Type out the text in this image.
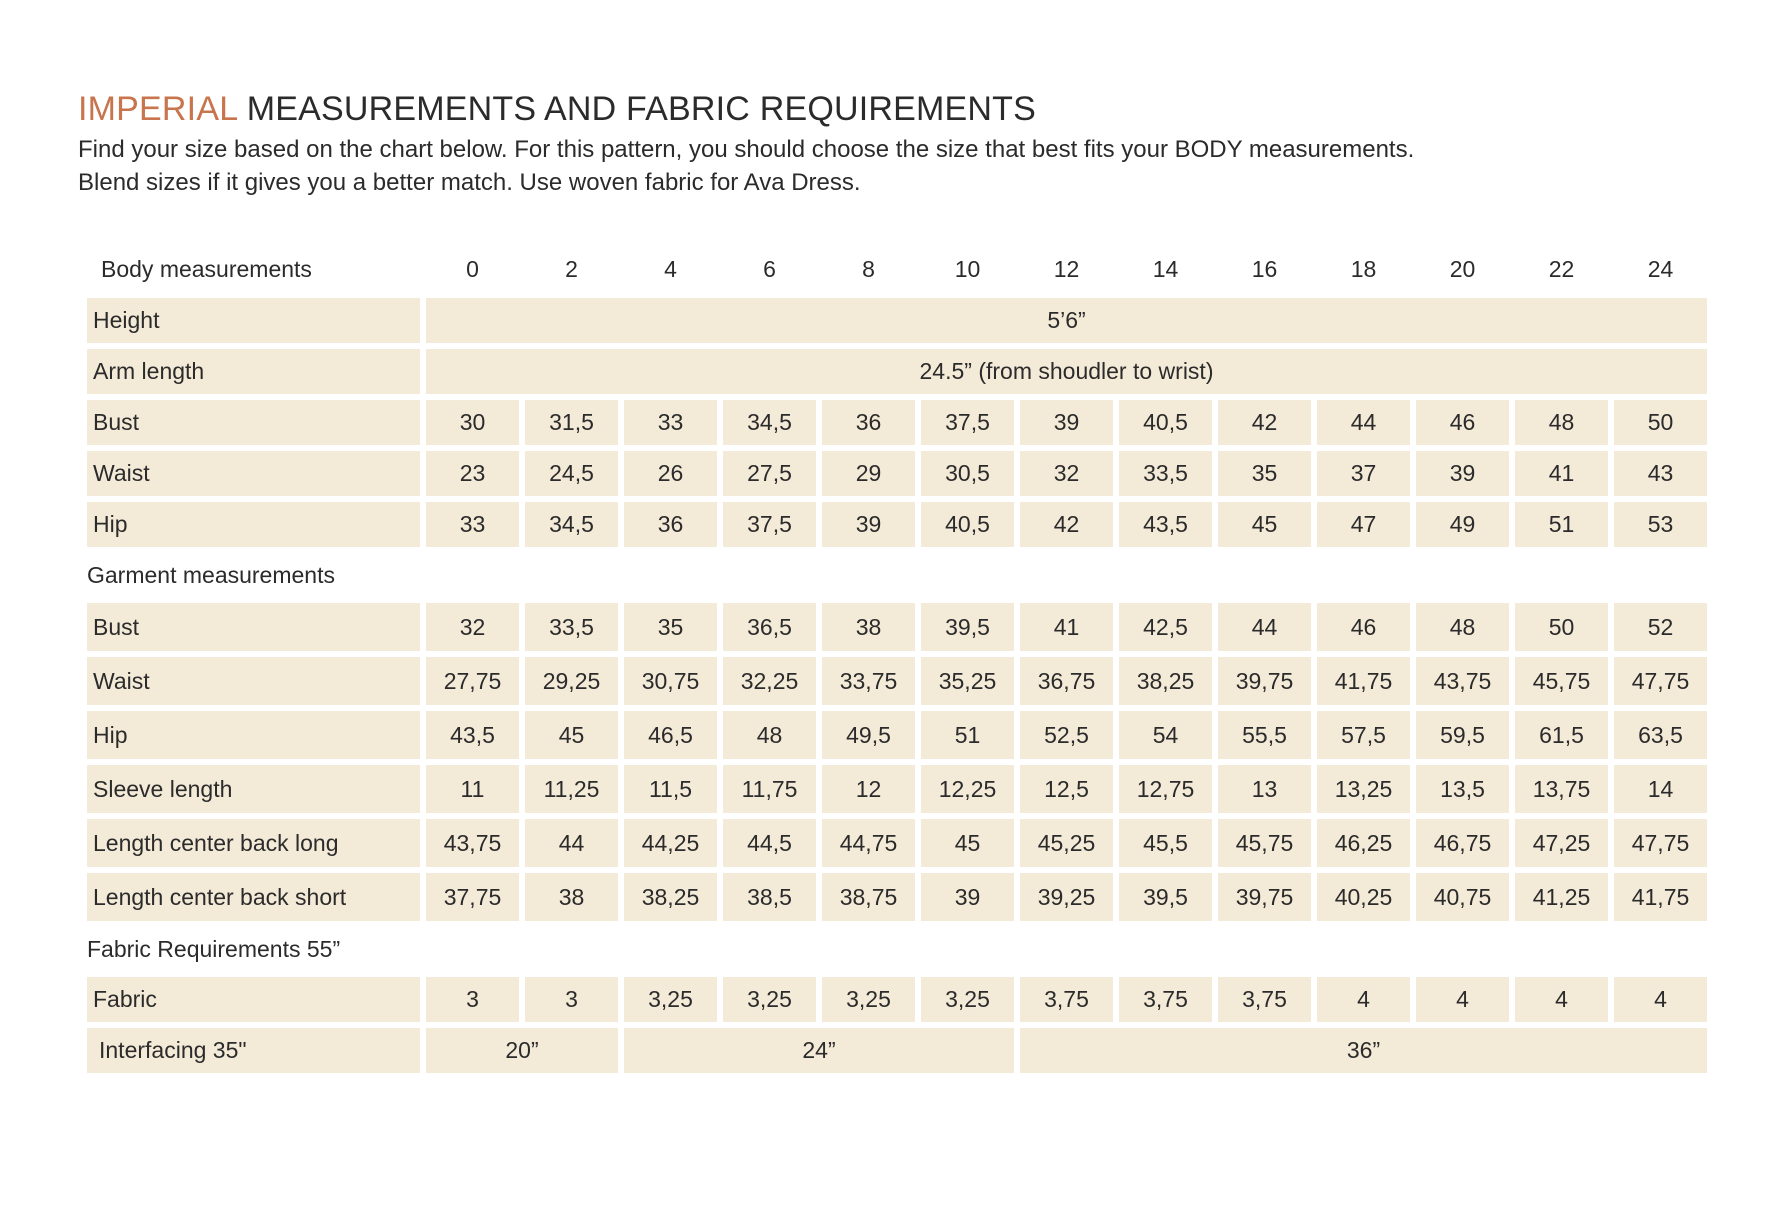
IMPERIAL MEASUREMENTS AND FABRIC REQUIREMENTS
Find your size based on the chart below. For this pattern, you should choose the size that best fits your BODY measurements.
Blend sizes if it gives you a better match. Use woven fabric for Ava Dress.
Body measurements	0	2	4	6	8	10	12	14	16	18	20	22	24
Height	5’6”												
Arm length	24.5” (from shoudler to wrist)												
Bust	30	31,5	33	34,5	36	37,5	39	40,5	42	44	46	48	50
Waist	23	24,5	26	27,5	29	30,5	32	33,5	35	37	39	41	43
Hip	33	34,5	36	37,5	39	40,5	42	43,5	45	47	49	51	53
Garment measurements													
Bust	32	33,5	35	36,5	38	39,5	41	42,5	44	46	48	50	52
Waist	27,75	29,25	30,75	32,25	33,75	35,25	36,75	38,25	39,75	41,75	43,75	45,75	47,75
Hip	43,5	45	46,5	48	49,5	51	52,5	54	55,5	57,5	59,5	61,5	63,5
Sleeve length	11	11,25	11,5	11,75	12	12,25	12,5	12,75	13	13,25	13,5	13,75	14
Length center back long	43,75	44	44,25	44,5	44,75	45	45,25	45,5	45,75	46,25	46,75	47,25	47,75
Length center back short	37,75	38	38,25	38,5	38,75	39	39,25	39,5	39,75	40,25	40,75	41,25	41,75
Fabric Requirements 55”													
Fabric	3	3	3,25	3,25	3,25	3,25	3,75	3,75	3,75	4	4	4	4
Interfacing 35"	20”		24”				36”						
